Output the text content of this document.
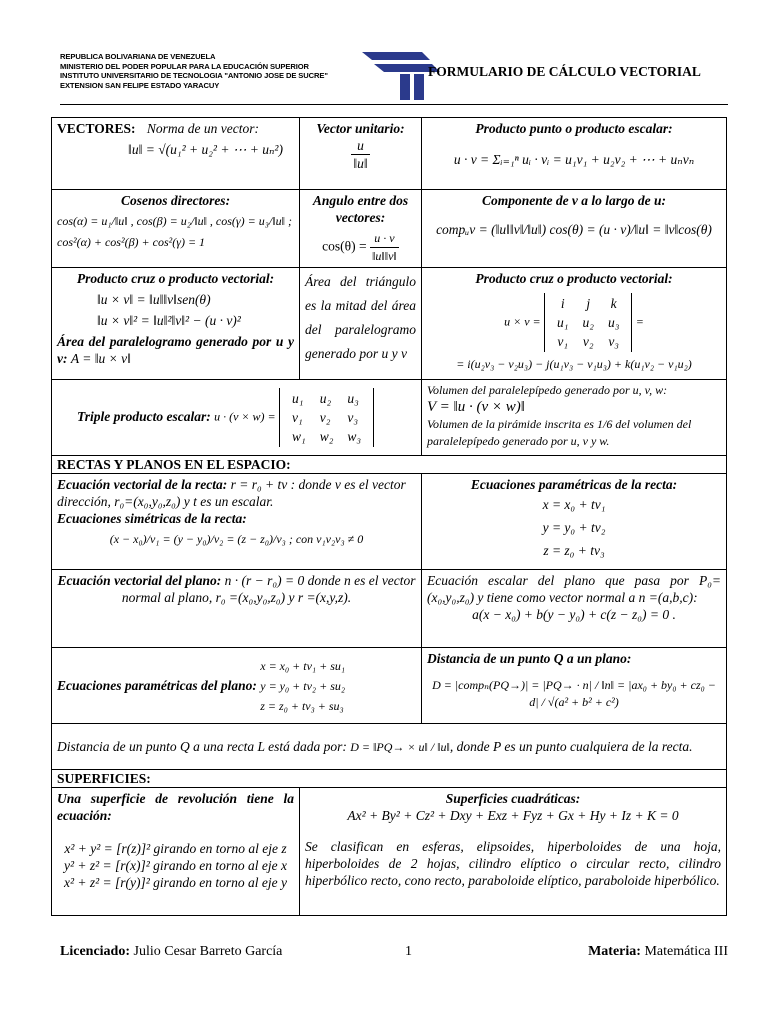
REPUBLICA BOLIVARIANA DE VENEZUELA
MINISTERIO DEL PODER POPULAR PARA LA EDUCACIÓN SUPERIOR
INSTITUTO UNIVERSITARIO DE TECNOLOGIA "ANTONIO JOSE DE SUCRE"
EXTENSION SAN FELIPE ESTADO YARACUY
FORMULARIO DE CÁLCULO VECTORIAL
VECTORES: Norma de un vector:
‖u‖ = √(u₁² + u₂² + ⋯ + uₙ²)

Vector unitario:
$\frac{u}{‖u‖}$

Producto punto o producto escalar:
u · v = Σᵢ₌₁ⁿ uᵢ · vᵢ = u₁v₁ + u₂v₂ + ⋯ + uₙvₙ

Cosenos directores:
cos(α) = u₁/‖u‖ , cos(β) = u₂/‖u‖ , cos(γ) = u₃/‖u‖ ;
cos²(α) + cos²(β) + cos²(γ) = 1

Angulo entre dos vectores:
$\cos(\theta) = \frac{u \cdot v}{‖u‖‖v‖}$

Componente de v a lo largo de u:
compᵤv = (‖u‖‖v‖/‖u‖) cos(θ) = (u · v)/‖u‖ = ‖v‖cos(θ)

Producto cruz o producto vectorial:
‖u × v‖ = ‖u‖‖v‖sen(θ)
‖u × v‖² = ‖u‖²‖v‖² − (u · v)²
Área del paralelogramo generado por u y v: A = ‖u × v‖
	Área del triángulo es la mitad del área del paralelogramo generado por u y v	
Producto cruz o producto vectorial:
u × v = i	j	k
u₁	u₂	u₃
v₁	v₂	v₃ =
= i(u₂v₃ − v₂u₃) − j(u₁v₃ − v₁u₃) + k(u₁v₂ − v₁u₂)

Triple producto escalar: u · (v × w) = u₁	u₂	u₃
v₁	v₂	v₃
w₁	w₂	w₃	
Volumen del paralelepípedo generado por u, v, w:
V = ‖u · (v × w)‖
Volumen de la pirámide inscrita es 1/6 del volumen del paralelepípedo generado por u, v y w.

RECTAS Y PLANOS EN EL ESPACIO:

Ecuación vectorial de la recta: r = r₀ + tv : donde v es el vector dirección, r₀=(x₀,y₀,z₀) y t es un escalar.
Ecuaciones simétricas de la recta:
(x − x₀)/v₁ = (y − y₀)/v₂ = (z − z₀)/v₃ ; con v₁v₂v₃ ≠ 0

Ecuaciones paramétricas de la recta:
x = x₀ + tv₁
y = y₀ + tv₂
z = z₀ + tv₃

Ecuación vectorial del plano: n · (r − r₀) = 0 donde n es el vector normal al plano, r₀ =(x₀,y₀,z₀) y r =(x,y,z).	
Ecuación escalar del plano que pasa por P₀=(x₀,y₀,z₀) y tiene como vector normal a n =(a,b,c):
a(x − x₀) + b(y − y₀) + c(z − z₀) = 0 .

Ecuaciones paramétricas del plano:
x = x₀ + tv₁ + su₁
y = y₀ + tv₂ + su₂
z = z₀ + tv₃ + su₃

Distancia de un punto Q a un plano:
D = |compₙ(PQ→)| = |PQ→ · n| / ‖n‖ = |ax₀ + by₀ + cz₀ − d| / √(a² + b² + c²)

Distancia de un punto Q a una recta L está dada por: D = ‖PQ→ × u‖ / ‖u‖, donde P es un punto cualquiera de la recta.
SUPERFICIES:

Una superficie de revolución tiene la ecuación:
x² + y² = [r(z)]² girando en torno al eje z
y² + z² = [r(x)]² girando en torno al eje x
x² + z² = [r(y)]² girando en torno al eje y

Superficies cuadráticas:
Ax² + By² + Cz² + Dxy + Exz + Fyz + Gx + Hy + Iz + K = 0
Se clasifican en esferas, elipsoides, hiperboloides de una hoja, hiperboloides de 2 hojas, cilindro elíptico o circular recto, cilindro hiperbólico recto, cono recto, paraboloide elíptico, paraboloide hiperbólico.
Licenciado: Julio Cesar Barreto García	1	Materia: Matemática III
